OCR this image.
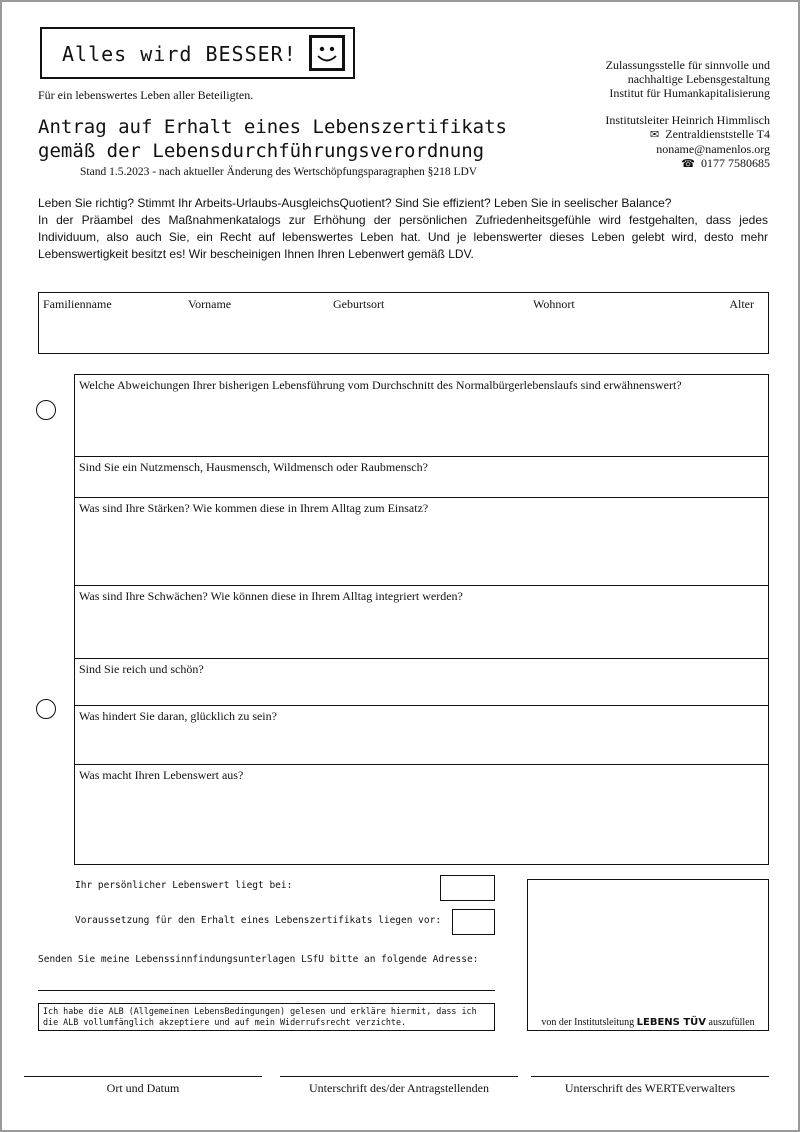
Alles wird BESSER!
Für ein lebenswertes Leben aller Beteiligten.
Zulassungsstelle für sinnvolle und
nachhaltige Lebensgestaltung
Institut für Humankapitalisierung
Institutsleiter Heinrich Himmlisch
✉ Zentraldienststelle T4
noname@namenlos.org
☎ 0177 7580685
Antrag auf Erhalt eines Lebenszertifikats
gemäß der Lebensdurchführungsverordnung
Stand 1.5.2023 - nach aktueller Änderung des Wertschöpfungsparagraphen §218 LDV
Leben Sie richtig? Stimmt Ihr Arbeits-Urlaubs-AusgleichsQuotient? Sind Sie effizient? Leben Sie in seelischer Balance?
In der Präambel des Maßnahmenkatalogs zur Erhöhung der persönlichen Zufriedenheitsgefühle wird festgehalten, dass jedes Individuum, also auch Sie, ein Recht auf lebenswertes Leben hat. Und je lebenswerter dieses Leben gelebt wird, desto mehr Lebenswertigkeit besitzt es! Wir bescheinigen Ihnen Ihren Lebenwert gemäß LDV.
Familienname	Vorname	Geburtsort	Wohnort	Alter
Welche Abweichungen Ihrer bisherigen Lebensführung vom Durchschnitt des Normalbürgerlebenslaufs sind erwähnenswert?
Sind Sie ein Nutzmensch, Hausmensch, Wildmensch oder Raubmensch?
Was sind Ihre Stärken? Wie kommen diese in Ihrem Alltag zum Einsatz?
Was sind Ihre Schwächen? Wie können diese in Ihrem Alltag integriert werden?
Sind Sie reich und schön?
Was hindert Sie daran, glücklich zu sein?
Was macht Ihren Lebenswert aus?
Ihr persönlicher Lebenswert liegt bei:
Voraussetzung für den Erhalt eines Lebenszertifikats liegen vor:
Senden Sie meine Lebenssinnfindungsunterlagen LSfU bitte an folgende Adresse:
Ich habe die ALB (Allgemeinen LebensBedingungen) gelesen und erkläre hiermit, dass ich die ALB vollumfänglich akzeptiere und auf mein Widerrufsrecht verzichte.	von der Institutsleitung LEBENS TÜV auszufüllen
Ort und Datum	Unterschrift des/der Antragstellenden	Unterschrift des WERTEverwalters
